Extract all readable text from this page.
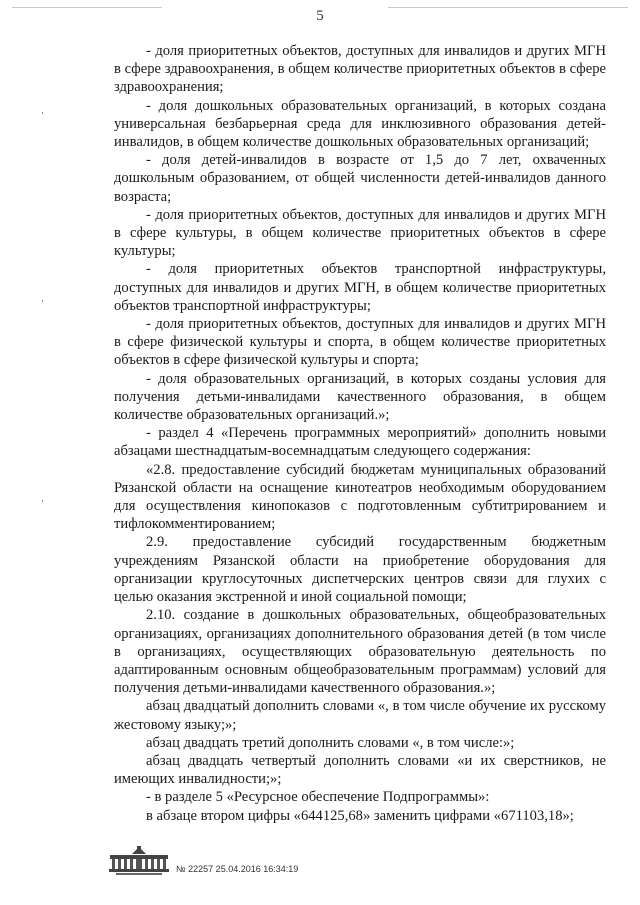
5

- доля приоритетных объектов, доступных для инвалидов и других МГН в сфере здравоохранения, в общем количестве приоритетных объектов в сфере здравоохранения;

- доля дошкольных образовательных организаций, в которых создана универсальная безбарьерная среда для инклюзивного образования детей-инвалидов, в общем количестве дошкольных образовательных организаций;

- доля детей-инвалидов в возрасте от 1,5 до 7 лет, охваченных дошкольным образованием, от общей численности детей-инвалидов данного возраста;

- доля приоритетных объектов, доступных для инвалидов и других МГН в сфере культуры, в общем количестве приоритетных объектов в сфере культуры;

- доля приоритетных объектов транспортной инфраструктуры, доступных для инвалидов и других МГН, в общем количестве приоритетных объектов транспортной инфраструктуры;

- доля приоритетных объектов, доступных для инвалидов и других МГН в сфере физической культуры и спорта, в общем количестве приоритетных объектов в сфере физической культуры и спорта;

- доля образовательных организаций, в которых созданы условия для получения детьми-инвалидами качественного образования, в общем количестве образовательных организаций.»;

- раздел 4 «Перечень программных мероприятий» дополнить новыми абзацами шестнадцатым-восемнадцатым следующего содержания:

«2.8. предоставление субсидий бюджетам муниципальных образований Рязанской области на оснащение кинотеатров необходимым оборудованием для осуществления кинопоказов с подготовленным субтитрированием и тифлокомментированием;

2.9. предоставление субсидий государственным бюджетным учреждениям Рязанской области на приобретение оборудования для организации круглосуточных диспетчерских центров связи для глухих с целью оказания экстренной и иной социальной помощи;

2.10. создание в дошкольных образовательных, общеобразовательных организациях, организациях дополнительного образования детей (в том числе в организациях, осуществляющих образовательную деятельность по адаптированным основным общеобразовательным программам) условий для получения детьми-инвалидами качественного образования.»;

абзац двадцатый дополнить словами «, в том числе обучение их русскому жестовому языку;»;

абзац двадцать третий дополнить словами «, в том числе:»;

абзац двадцать четвертый дополнить словами «и их сверстников, не имеющих инвалидности;»;

- в разделе 5 «Ресурсное обеспечение Подпрограммы»:

в абзаце втором цифры «644125,68» заменить цифрами «671103,18»;

№ 22257 25.04.2016 16:34:19
